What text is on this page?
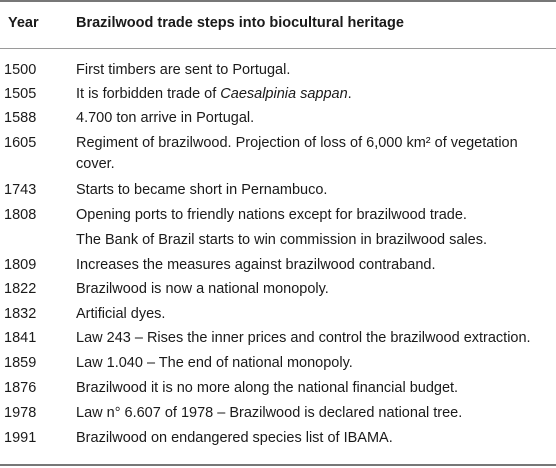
Year	Brazilwood trade steps into biocultural heritage
1500	First timbers are sent to Portugal.
1505	It is forbidden trade of Caesalpinia sappan.
1588	4.700 ton arrive in Portugal.
1605	Regiment of brazilwood. Projection of loss of 6,000 km² of vegetation
cover.
1743	Starts to became short in Pernambuco.
1808	Opening ports to friendly nations except for brazilwood trade.
The Bank of Brazil starts to win commission in brazilwood sales.
1809	Increases the measures against brazilwood contraband.
1822	Brazilwood is now a national monopoly.
1832	Artificial dyes.
1841	Law 243 – Rises the inner prices and control the brazilwood extraction.
1859	Law 1.040 – The end of national monopoly.
1876	Brazilwood it is no more along the national financial budget.
1978	Law n° 6.607 of 1978 – Brazilwood is declared national tree.
1991	Brazilwood on endangered species list of IBAMA.
